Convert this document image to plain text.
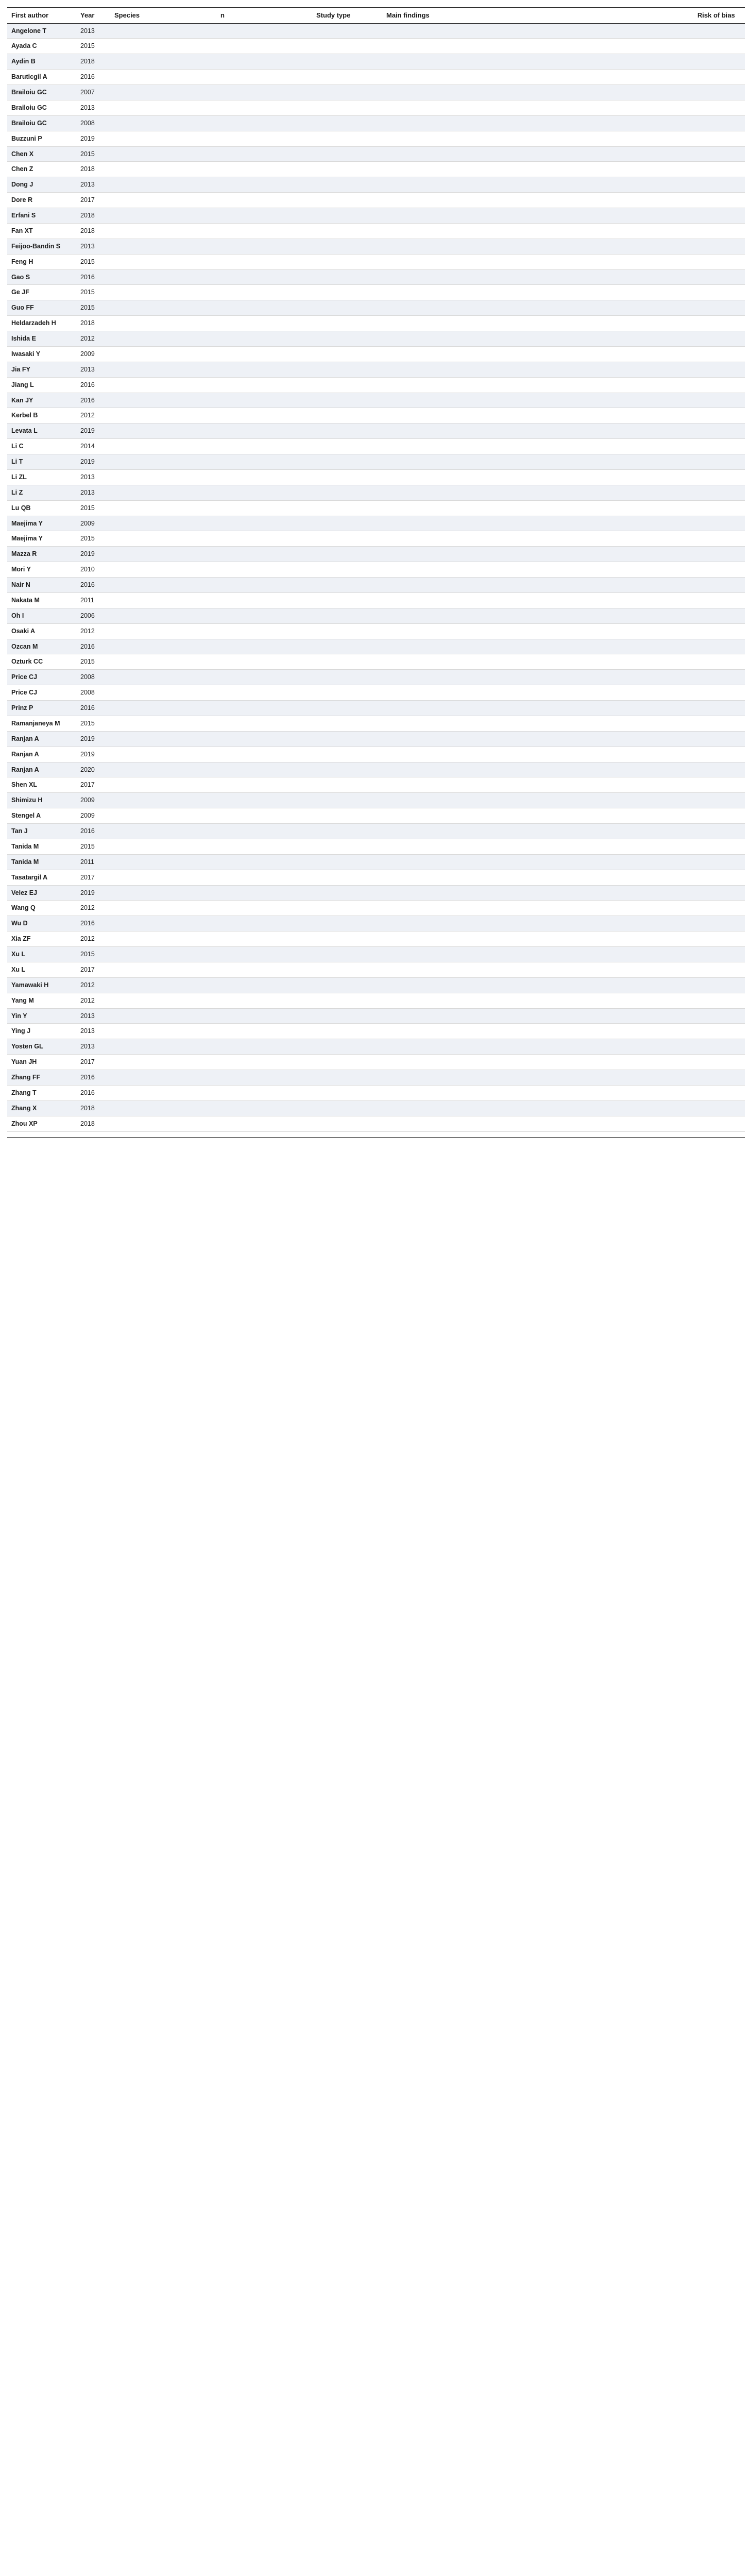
First author	Year	Species	n	Study type	Main findings	Risk of bias
Angelone T	2013					
Ayada C	2015					
Aydin B	2018					
Baruticgil A	2016					
Brailoiu GC	2007					
Brailoiu GC	2013					
Brailoiu GC	2008					
Buzzuni P	2019					
Chen X	2015					
Chen Z	2018					
Dong J	2013					
Dore R	2017					
Erfani S	2018					
Fan XT	2018					
Feijoo-Bandin S	2013					
Feng H	2015					
Gao S	2016					
Ge JF	2015					
Guo FF	2015					
Heldarzadeh H	2018					
Ishida E	2012					
Iwasaki Y	2009					
Jia FY	2013					
Jiang L	2016					
Kan JY	2016					
Kerbel B	2012					
Levata L	2019					
Li C	2014					
Li T	2019					
Li ZL	2013					
Li Z	2013					
Lu QB	2015					
Maejima Y	2009					
Maejima Y	2015					
Mazza R	2019					
Mori Y	2010					
Nair N	2016					
Nakata M	2011					
Oh I	2006					
Osaki A	2012					
Ozcan M	2016					
Ozturk CC	2015					
Price CJ	2008					
Price CJ	2008					
Prinz P	2016					
Ramanjaneya M	2015					
Ranjan A	2019					
Ranjan A	2019					
Ranjan A	2020					
Shen XL	2017					
Shimizu H	2009					
Stengel A	2009					
Tan J	2016					
Tanida M	2015					
Tanida M	2011					
Tasatargil A	2017					
Velez EJ	2019					
Wang Q	2012					
Wu D	2016					
Xia ZF	2012					
Xu L	2015					
Xu L	2017					
Yamawaki H	2012					
Yang M	2012					
Yin Y	2013					
Ying J	2013					
Yosten GL	2013					
Yuan JH	2017					
Zhang FF	2016					
Zhang T	2016					
Zhang X	2018					
Zhou XP	2018					
